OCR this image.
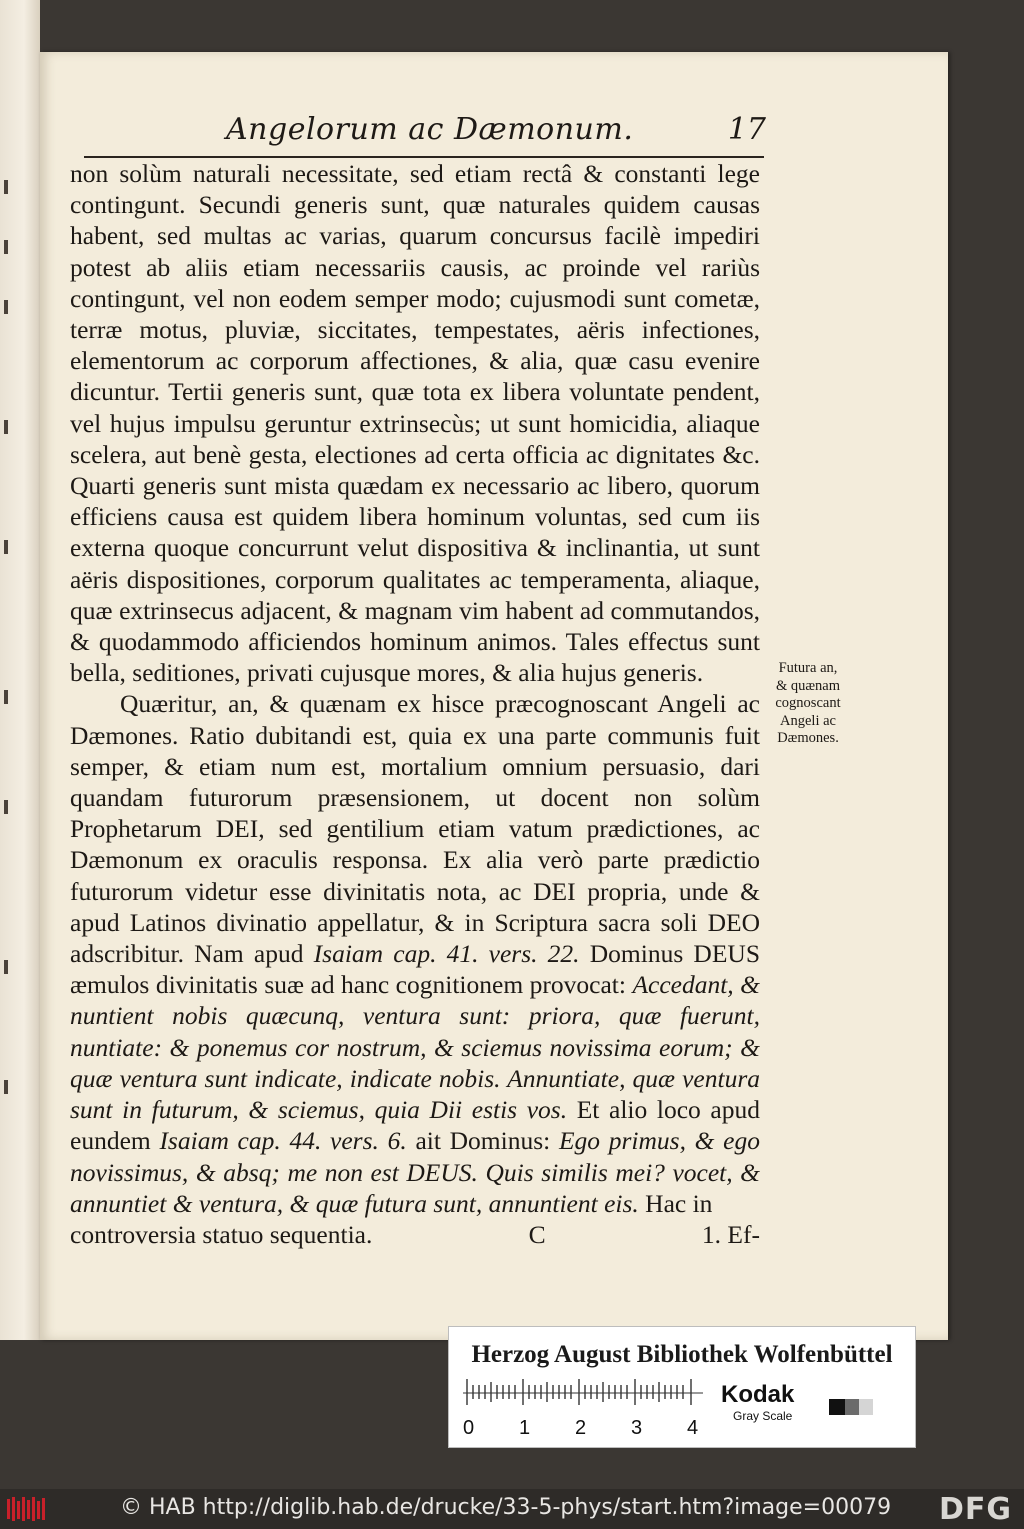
Angelorum ac Dæmonum.	17

non solùm naturali necessitate, sed etiam rectâ & constanti lege contingunt. Secundi generis sunt, quæ naturales quidem causas habent, sed multas ac varias, quarum concursus facilè impediri potest ab aliis etiam necessariis causis, ac proinde vel rariùs contingunt, vel non eodem semper modo; cujusmodi sunt cometæ, terræ motus, pluviæ, siccitates, tempestates, aëris infectiones, elementorum ac corporum affectiones, & alia, quæ casu evenire dicuntur. Tertii generis sunt, quæ tota ex libera voluntate pendent, vel hujus impulsu geruntur extrinsecùs; ut sunt homicidia, aliaque scelera, aut benè gesta, electiones ad certa officia ac dignitates &c. Quarti generis sunt mista quædam ex necessario ac libero, quorum efficiens causa est quidem libera hominum voluntas, sed cum iis externa quoque concurrunt velut dispositiva & inclinantia, ut sunt aëris dispositiones, corporum qualitates ac temperamenta, aliaque, quæ extrinsecus adjacent, & magnam vim habent ad commutandos, & quodammodo afficiendos hominum animos. Tales effectus sunt bella, seditiones, privati cujusque mores, & alia hujus generis.

Quæritur, an, & quænam ex hisce præcognoscant Angeli ac Dæmones. Ratio dubitandi est, quia ex una parte communis fuit semper, & etiam num est, mortalium omnium persuasio, dari quandam futurorum præsensionem, ut docent non solùm Prophetarum DEI, sed gentilium etiam vatum prædictiones, ac Dæmonum ex oraculis responsa. Ex alia verò parte prædictio futurorum videtur esse divinitatis nota, ac DEI propria, unde & apud Latinos divinatio appellatur, & in Scriptura sacra soli DEO adscribitur. Nam apud Isaiam cap. 41. vers. 22. Dominus DEUS æmulos divinitatis suæ ad hanc cognitionem provocat: Accedant, & nuntient nobis quæcunq, ventura sunt: priora, quæ fuerunt, nuntiate: & ponemus cor nostrum, & sciemus novissima eorum; & quæ ventura sunt indicate, indicate nobis. Annuntiate, quæ ventura sunt in futurum, & sciemus, quia Dii estis vos. Et alio loco apud eundem Isaiam cap. 44. vers. 6. ait Dominus: Ego primus, & ego novissimus, & absq; me non est DEUS. Quis similis mei? vocet, & annuntiet & ventura, & quæ futura sunt, annuntient eis. Hac in

controversia statuo sequentia.	C	1. Ef-
Futura an,
& quænam
cognoscant
Angeli ac
Dæmones.
Herzog August Bibliothek Wolfenbüttel
0 1 2 3 4
Kodak
Gray Scale
© HAB http://diglib.hab.de/drucke/33-5-phys/start.htm?image=00079 DFG
